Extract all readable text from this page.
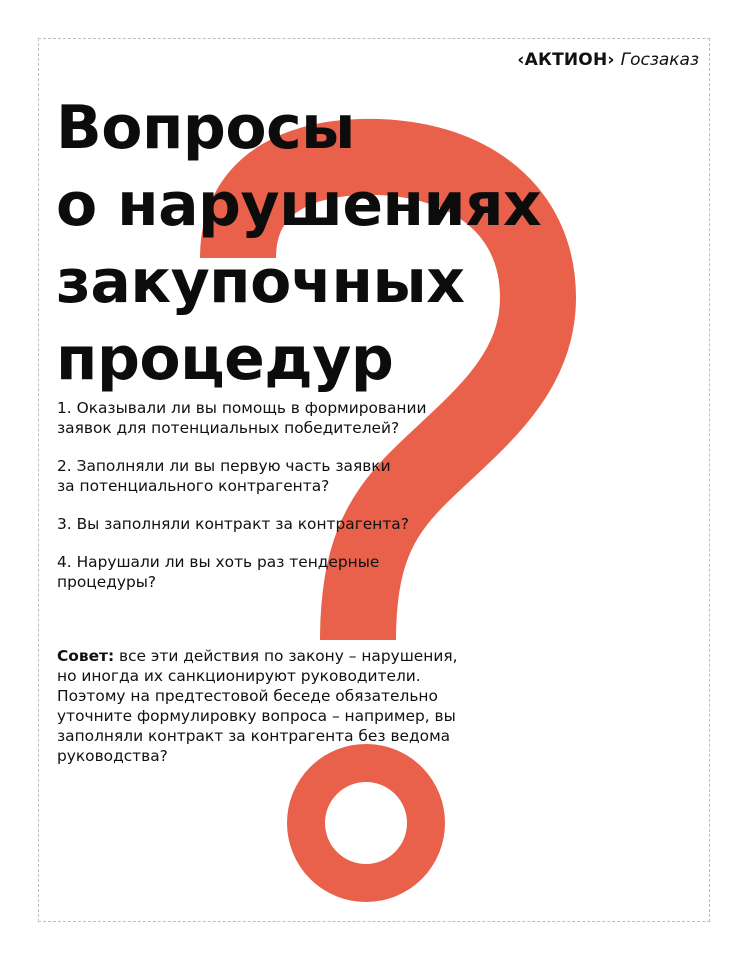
‹АКТИОН› Госзаказ
Вопросы
о нарушениях
закупочных
процедур
1. Оказывали ли вы помощь в формировании
заявок для потенциальных победителей?
2. Заполняли ли вы первую часть заявки
за потенциального контрагента?
3. Вы заполняли контракт за контрагента?
4. Нарушали ли вы хоть раз тендерные
процедуры?

Совет: все эти действия по закону – нарушения,
но иногда их санкционируют руководители.
Поэтому на предтестовой беседе обязательно
уточните формулировку вопроса – например, вы
заполняли контракт за контрагента без ведома
руководства?
